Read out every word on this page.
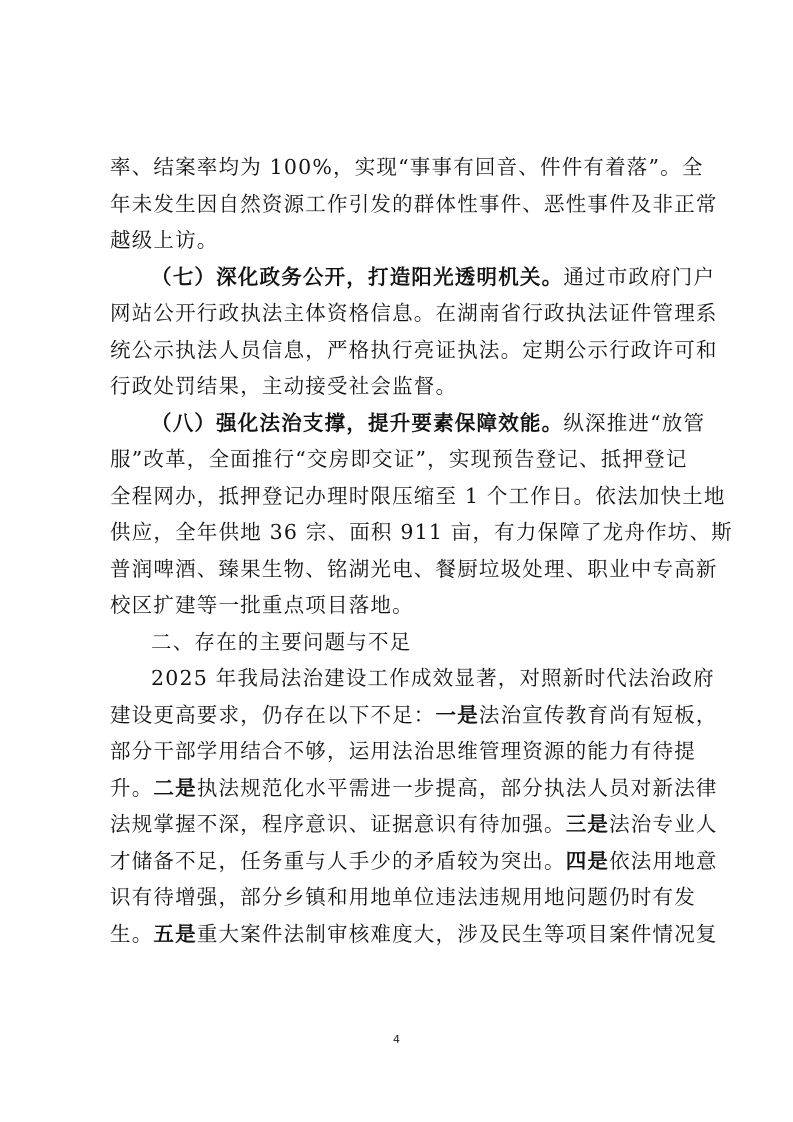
率、结案率均为 100%，实现“事事有回音、件件有着落”。全
年未发生因自然资源工作引发的群体性事件、恶性事件及非正常
越级上访。
（七）深化政务公开，打造阳光透明机关。通过市政府门户
网站公开行政执法主体资格信息。在湖南省行政执法证件管理系
统公示执法人员信息，严格执行亮证执法。定期公示行政许可和
行政处罚结果，主动接受社会监督。
（八）强化法治支撑，提升要素保障效能。纵深推进“放管
服”改革，全面推行“交房即交证”，实现预告登记、抵押登记
全程网办，抵押登记办理时限压缩至 1 个工作日。依法加快土地
供应，全年供地 36 宗、面积 911 亩，有力保障了龙舟作坊、斯
普润啤酒、臻果生物、铭湖光电、餐厨垃圾处理、职业中专高新
校区扩建等一批重点项目落地。
二、存在的主要问题与不足
2025 年我局法治建设工作成效显著，对照新时代法治政府
建设更高要求，仍存在以下不足：一是法治宣传教育尚有短板，
部分干部学用结合不够，运用法治思维管理资源的能力有待提
升。二是执法规范化水平需进一步提高，部分执法人员对新法律
法规掌握不深，程序意识、证据意识有待加强。三是法治专业人
才储备不足，任务重与人手少的矛盾较为突出。四是依法用地意
识有待增强，部分乡镇和用地单位违法违规用地问题仍时有发
生。五是重大案件法制审核难度大，涉及民生等项目案件情况复
4
